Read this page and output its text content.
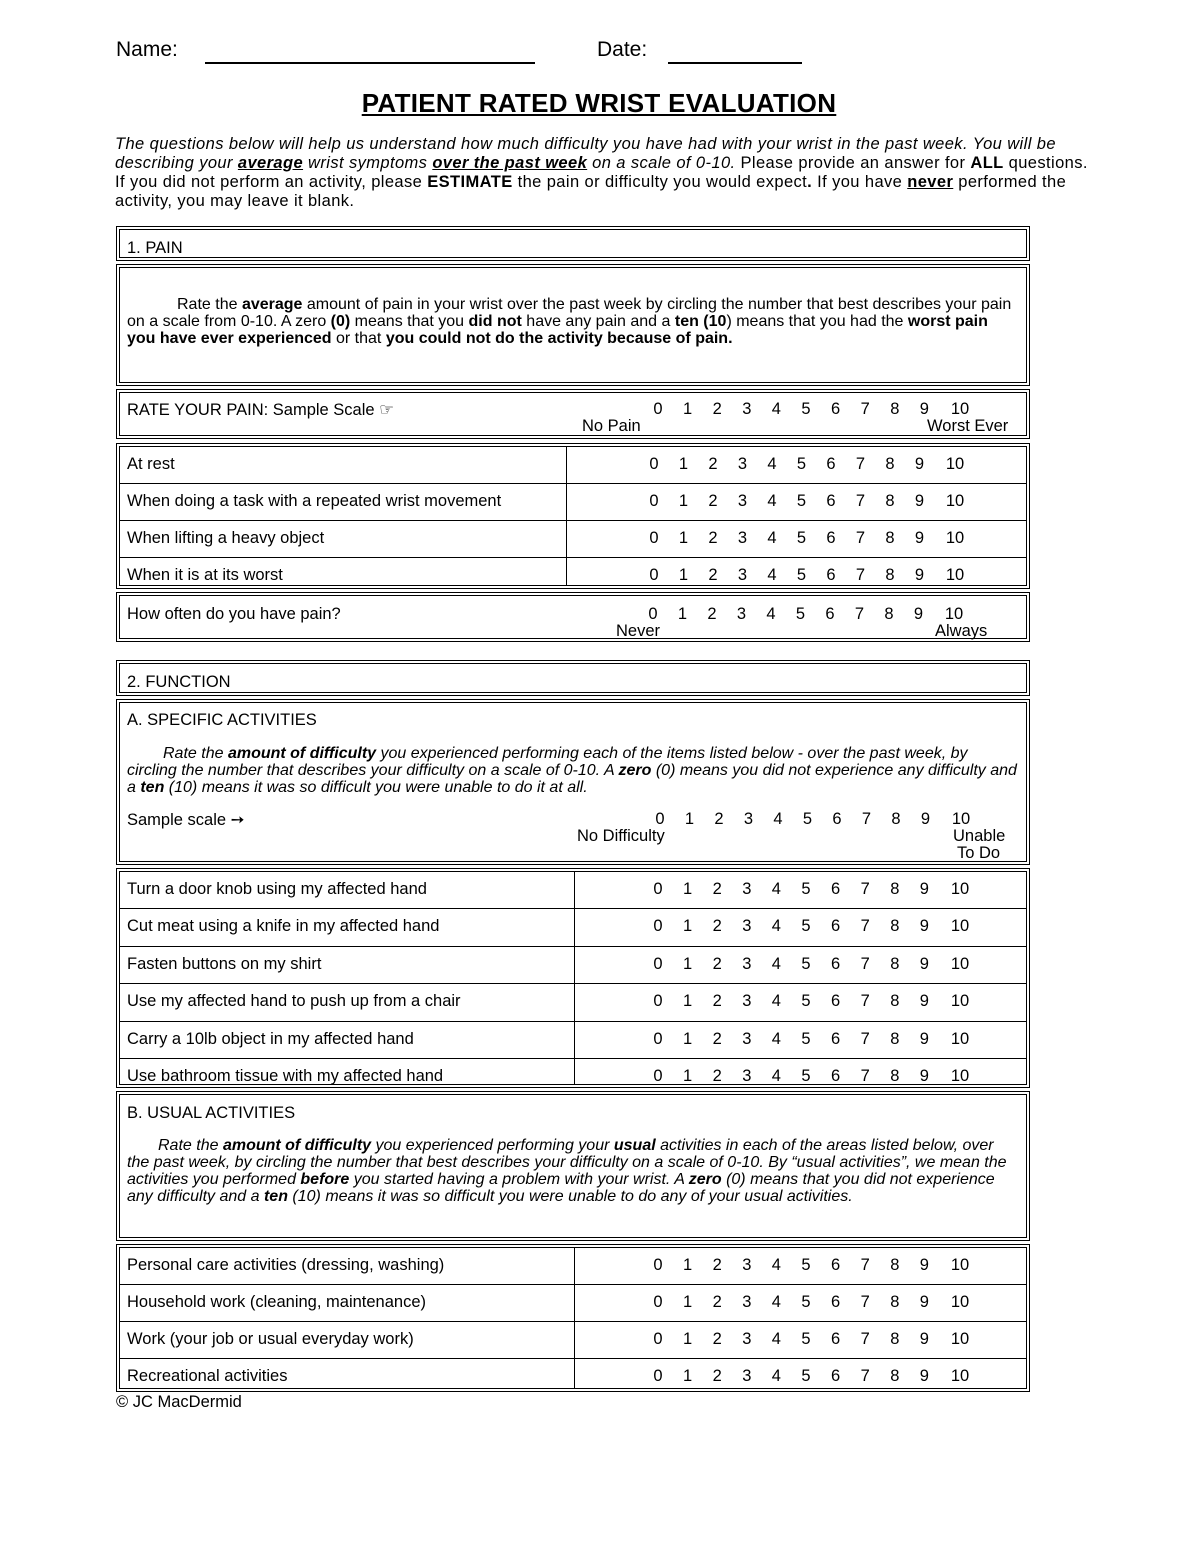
Name:	Date:
PATIENT RATED WRIST EVALUATION
The questions below will help us understand how much difficulty you have had with your wrist in the past week. You will be describing your average wrist symptoms over the past week on a scale of 0-10. Please provide an answer for ALL questions. If you did not perform an activity, please ESTIMATE the pain or difficulty you would expect. If you have never performed the activity, you may leave it blank.
1. PAIN
Rate the average amount of pain in your wrist over the past week by circling the number that best describes your pain on a scale from 0-10. A zero (0) means that you did not have any pain and a ten (10) means that you had the worst pain you have ever experienced or that you could not do the activity because of pain.
RATE YOUR PAIN: Sample Scale ☞	0	1	2	3	4	5	6	7	8	9	10
No Pain	Worst Ever
At rest	0	1	2	3	4	5	6	7	8	9	10
When doing a task with a repeated wrist movement	0	1	2	3	4	5	6	7	8	9	10
When lifting a heavy object	0	1	2	3	4	5	6	7	8	9	10
When it is at its worst	0	1	2	3	4	5	6	7	8	9	10
How often do you have pain?	0	1	2	3	4	5	6	7	8	9	10
Never	Always
2. FUNCTION
A. SPECIFIC ACTIVITIES
Rate the amount of difficulty you experienced performing each of the items listed below - over the past week, by circling the number that describes your difficulty on a scale of 0-10. A zero (0) means you did not experience any difficulty and a ten (10) means it was so difficult you were unable to do it at all.
Sample scale ➙	0	1	2	3	4	5	6	7	8	9	10
No Difficulty	Unable
To Do
Turn a door knob using my affected hand	0	1	2	3	4	5	6	7	8	9	10
Cut meat using a knife in my affected hand	0	1	2	3	4	5	6	7	8	9	10
Fasten buttons on my shirt	0	1	2	3	4	5	6	7	8	9	10
Use my affected hand to push up from a chair	0	1	2	3	4	5	6	7	8	9	10
Carry a 10lb object in my affected hand	0	1	2	3	4	5	6	7	8	9	10
Use bathroom tissue with my affected hand	0	1	2	3	4	5	6	7	8	9	10
B. USUAL ACTIVITIES
Rate the amount of difficulty you experienced performing your usual activities in each of the areas listed below, over the past week, by circling the number that best describes your difficulty on a scale of 0-10. By “usual activities”, we mean the activities you performed before you started having a problem with your wrist. A zero (0) means that you did not experience any difficulty and a ten (10) means it was so difficult you were unable to do any of your usual activities.
Personal care activities (dressing, washing)	0	1	2	3	4	5	6	7	8	9	10
Household work (cleaning, maintenance)	0	1	2	3	4	5	6	7	8	9	10
Work (your job or usual everyday work)	0	1	2	3	4	5	6	7	8	9	10
Recreational activities	0	1	2	3	4	5	6	7	8	9	10
© JC MacDermid
